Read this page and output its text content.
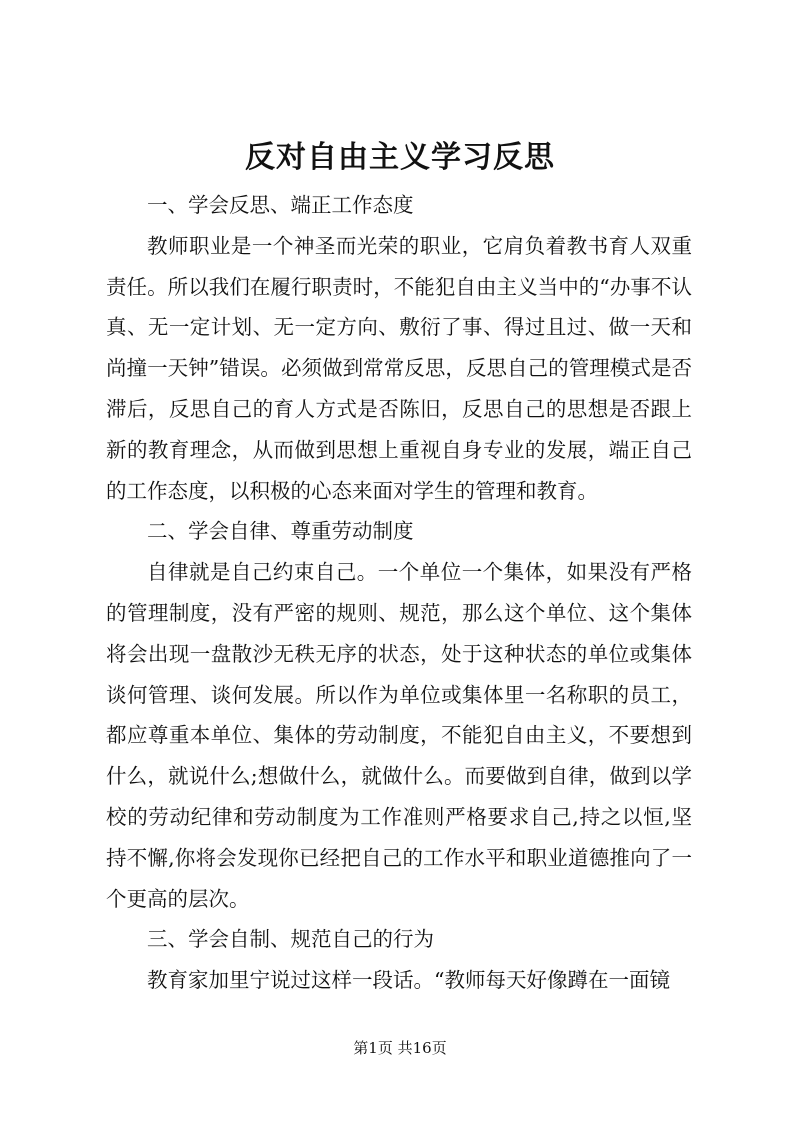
反对自由主义学习反思

一、学会反思、端正工作态度

教师职业是一个神圣而光荣的职业，它肩负着教书育人双重责任。所以我们在履行职责时，不能犯自由主义当中的“办事不认真、无一定计划、无一定方向、敷衍了事、得过且过、做一天和尚撞一天钟”错误。必须做到常常反思，反思自己的管理模式是否滞后，反思自己的育人方式是否陈旧，反思自己的思想是否跟上新的教育理念，从而做到思想上重视自身专业的发展，端正自己的工作态度，以积极的心态来面对学生的管理和教育。

二、学会自律、尊重劳动制度

自律就是自己约束自己。一个单位一个集体，如果没有严格的管理制度，没有严密的规则、规范，那么这个单位、这个集体将会出现一盘散沙无秩无序的状态，处于这种状态的单位或集体谈何管理、谈何发展。所以作为单位或集体里一名称职的员工，都应尊重本单位、集体的劳动制度，不能犯自由主义，不要想到什么，就说什么;想做什么，就做什么。而要做到自律，做到以学校的劳动纪律和劳动制度为工作准则严格要求自己,持之以恒,坚持不懈,你将会发现你已经把自己的工作水平和职业道德推向了一个更高的层次。

三、学会自制、规范自己的行为

教育家加里宁说过这样一段话。“教师每天好像蹲在一面镜

第1页 共16页
